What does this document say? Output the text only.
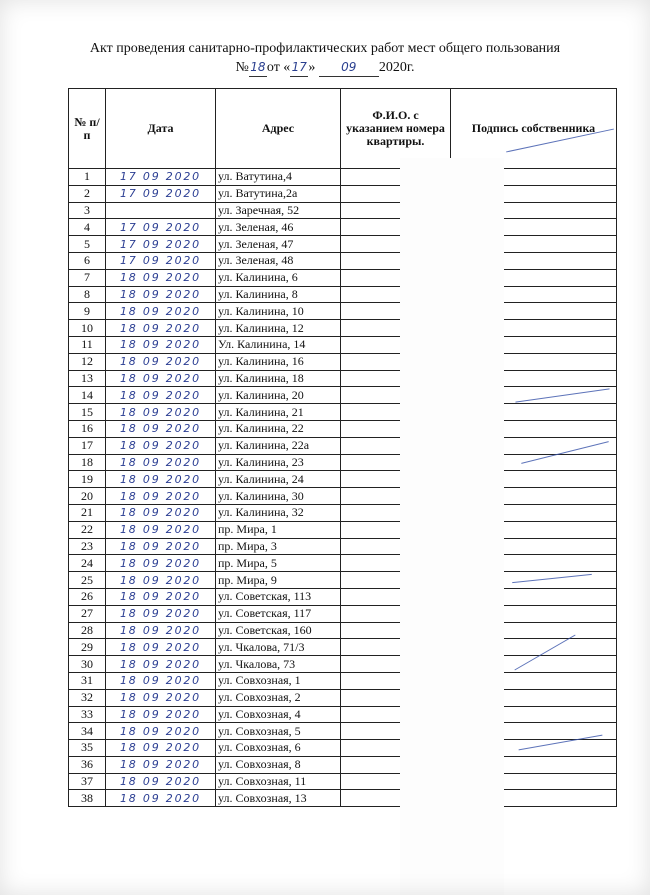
Акт проведения санитарно-профилактических работ мест общего пользования
№18от «17» 09 2020г.
№ п/п	Дата	Адрес	Ф.И.О. с указанием номера квартиры.	Подпись собственника
1	17 09 2020	ул. Ватутина,4		
2	17 09 2020	ул. Ватутина,2а		
3		ул. Заречная, 52		
4	17 09 2020	ул. Зеленая, 46		
5	17 09 2020	ул. Зеленая, 47		
6	17 09 2020	ул. Зеленая, 48		
7	18 09 2020	ул. Калинина, 6		
8	18 09 2020	ул. Калинина, 8		
9	18 09 2020	ул. Калинина, 10		
10	18 09 2020	ул. Калинина, 12		
11	18 09 2020	Ул. Калинина, 14		
12	18 09 2020	ул. Калинина, 16		
13	18 09 2020	ул. Калинина, 18		
14	18 09 2020	ул. Калинина, 20		
15	18 09 2020	ул. Калинина, 21		
16	18 09 2020	ул. Калинина, 22		
17	18 09 2020	ул. Калинина, 22а		
18	18 09 2020	ул. Калинина, 23		
19	18 09 2020	ул. Калинина, 24		
20	18 09 2020	ул. Калинина, 30		
21	18 09 2020	ул. Калинина, 32		
22	18 09 2020	пр. Мира, 1		
23	18 09 2020	пр. Мира, 3		
24	18 09 2020	пр. Мира, 5		
25	18 09 2020	пр. Мира, 9		
26	18 09 2020	ул. Советская, 113		
27	18 09 2020	ул. Советская, 117		
28	18 09 2020	ул. Советская, 160		
29	18 09 2020	ул. Чкалова, 71/3		
30	18 09 2020	ул. Чкалова, 73		
31	18 09 2020	ул. Совхозная, 1		
32	18 09 2020	ул. Совхозная, 2		
33	18 09 2020	ул. Совхозная, 4		
34	18 09 2020	ул. Совхозная, 5		
35	18 09 2020	ул. Совхозная, 6		
36	18 09 2020	ул. Совхозная, 8		
37	18 09 2020	ул. Совхозная, 11		
38	18 09 2020	ул. Совхозная, 13		
